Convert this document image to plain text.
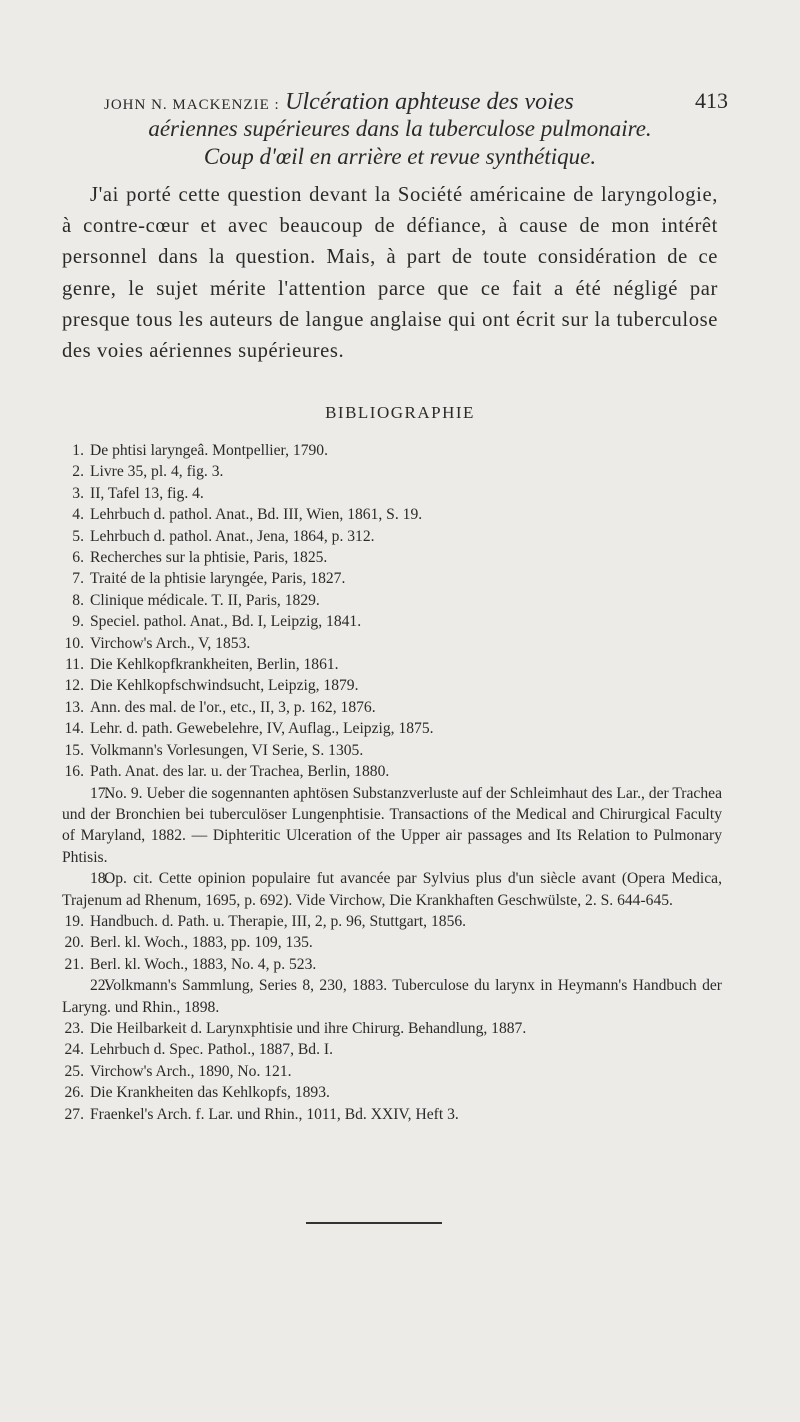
JOHN N. MACKENZIE : Ulcération aphteuse des voies	413
aériennes supérieures dans la tuberculose pulmonaire.
Coup d'œil en arrière et revue synthétique.

J'ai porté cette question devant la Société américaine de laryngologie, à contre-cœur et avec beaucoup de défiance, à cause de mon intérêt personnel dans la question. Mais, à part de toute considération de ce genre, le sujet mérite l'attention parce que ce fait a été négligé par presque tous les auteurs de langue anglaise qui ont écrit sur la tuberculose des voies aériennes supérieures.

BIBLIOGRAPHIE

1. De phtisi laryngeâ. Montpellier, 1790.

2. Livre 35, pl. 4, fig. 3.

3. II, Tafel 13, fig. 4.

4. Lehrbuch d. pathol. Anat., Bd. III, Wien, 1861, S. 19.

5. Lehrbuch d. pathol. Anat., Jena, 1864, p. 312.

6. Recherches sur la phtisie, Paris, 1825.

7. Traité de la phtisie laryngée, Paris, 1827.

8. Clinique médicale. T. II, Paris, 1829.

9. Speciel. pathol. Anat., Bd. I, Leipzig, 1841.

10. Virchow's Arch., V, 1853.

11. Die Kehlkopfkrankheiten, Berlin, 1861.

12. Die Kehlkopfschwindsucht, Leipzig, 1879.

13. Ann. des mal. de l'or., etc., II, 3, p. 162, 1876.

14. Lehr. d. path. Gewebelehre, IV, Auflag., Leipzig, 1875.

15. Volkmann's Vorlesungen, VI Serie, S. 1305.

16. Path. Anat. des lar. u. der Trachea, Berlin, 1880.

17.No. 9. Ueber die sogennanten aphtösen Substanzverluste auf der Schleimhaut des Lar., der Trachea und der Bronchien bei tuberculöser Lungenphtisie. Transactions of the Medical and Chirurgical Faculty of Maryland, 1882. — Diphteritic Ulceration of the Upper air passages and Its Relation to Pulmonary Phtisis.

18.Op. cit. Cette opinion populaire fut avancée par Sylvius plus d'un siècle avant (Opera Medica, Trajenum ad Rhenum, 1695, p. 692). Vide Virchow, Die Krankhaften Geschwülste, 2. S. 644-645.

19. Handbuch. d. Path. u. Therapie, III, 2, p. 96, Stuttgart, 1856.

20. Berl. kl. Woch., 1883, pp. 109, 135.

21. Berl. kl. Woch., 1883, No. 4, p. 523.

22.Volkmann's Sammlung, Series 8, 230, 1883. Tuberculose du larynx in Heymann's Handbuch der Laryng. und Rhin., 1898.

23. Die Heilbarkeit d. Larynxphtisie und ihre Chirurg. Behandlung, 1887.

24. Lehrbuch d. Spec. Pathol., 1887, Bd. I.

25. Virchow's Arch., 1890, No. 121.

26. Die Krankheiten das Kehlkopfs, 1893.

27. Fraenkel's Arch. f. Lar. und Rhin., 1011, Bd. XXIV, Heft 3.
